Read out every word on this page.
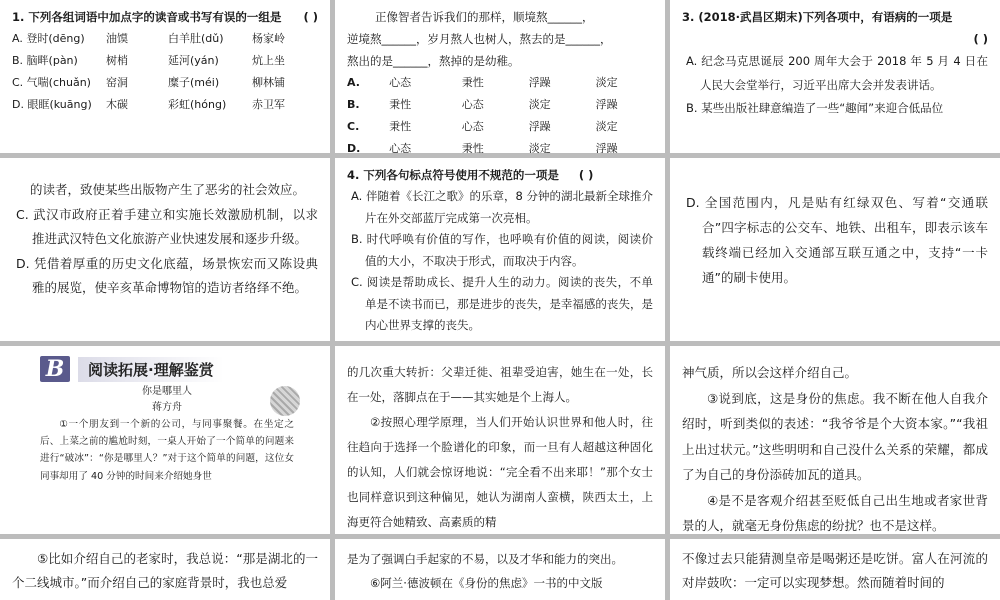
1. 下列各组词语中加点字的读音或书写有误的一组是	( )
A. 登时(dēng)	油馍	白羊肚(dǔ)	杨家岭
B. 脑畔(pàn)	树梢	延河(yán)	炕上坐
C. 气喘(chuǎn)	窑洞	糜子(méi)	柳林铺
D. 眼眶(kuāng)	木碳	彩虹(hóng)	赤卫军
正像智者告诉我们的那样，顺境熬______，
逆境熬______，岁月熬人也树人，熬去的是______，
熬出的是______，熬掉的是幼稚。
A.	心态	秉性	浮躁	淡定
B.	秉性	心态	淡定	浮躁
C.	秉性	心态	浮躁	淡定
D.	心态	秉性	淡定	浮躁
3. (2018·武昌区期末)下列各项中，有语病的一项是
( )
A. 纪念马克思诞辰 200 周年大会于 2018 年 5 月 4 日在人民大会堂举行，习近平出席大会并发表讲话。
B. 某些出版社肆意编造了一些“趣闻”来迎合低品位
的读者，致使某些出版物产生了恶劣的社会效应。
C. 武汉市政府正着手建立和实施长效激励机制，以求推进武汉特色文化旅游产业快速发展和逐步升级。
D. 凭借着厚重的历史文化底蕴，场景恢宏而又陈设典雅的展览，使辛亥革命博物馆的造访者络绎不绝。
4. 下列各句标点符号使用不规范的一项是 ( )
A. 伴随着《长江之歌》的乐章，8 分钟的湖北最新全球推介片在外交部蓝厅完成第一次亮相。
B. 时代呼唤有价值的写作，也呼唤有价值的阅读，阅读价值的大小，不取决于形式，而取决于内容。
C. 阅读是帮助成长、提升人生的动力。阅读的丧失，不单单是不读书而已，那是进步的丧失，是幸福感的丧失，是内心世界支撑的丧失。
D. 全国范围内，凡是贴有红绿双色、写着“交通联合”四字标志的公交车、地铁、出租车，即表示该车载终端已经加入交通部互联互通之中，支持“一卡通”的刷卡使用。
B	阅读拓展·理解鉴赏
你是哪里人
蒋方舟
①一个朋友到一个新的公司，与同事聚餐。在坐定之后、上菜之前的尴尬时刻，一桌人开始了一个简单的问题来进行“破冰”：“你是哪里人？”对于这个简单的问题，这位女同事却用了 40 分钟的时间来介绍她身世
的几次重大转折：父辈迁徙、祖辈受迫害，她生在一处，长在一处，落脚点在于——其实她是个上海人。
②按照心理学原理，当人们开始认识世界和他人时，往往趋向于选择一个脸谱化的印象，而一旦有人超越这种固化的认知，人们就会惊讶地说：“完全看不出来耶！”那个女士也同样意识到这种偏见，她认为湖南人蛮横，陕西太土，上海更符合她精致、高素质的精
神气质，所以会这样介绍自己。
③说到底，这是身份的焦虑。我不断在他人自我介绍时，听到类似的表述：“我爷爷是个大资本家。”“我祖上出过状元。”这些明明和自己没什么关系的荣耀，都成了为自己的身份添砖加瓦的道具。
④是不是客观介绍甚至贬低自己出生地或者家世背景的人，就毫无身份焦虑的纷扰？也不是这样。
⑤比如介绍自己的老家时，我总说：“那是湖北的一个二线城市。”而介绍自己的家庭背景时，我也总爱
是为了强调白手起家的不易，以及才华和能力的突出。
⑥阿兰·德波顿在《身份的焦虑》一书的中文版
不像过去只能猜测皇帝是喝粥还是吃饼。富人在河流的对岸鼓吹：一定可以实现梦想。然而随着时间的
